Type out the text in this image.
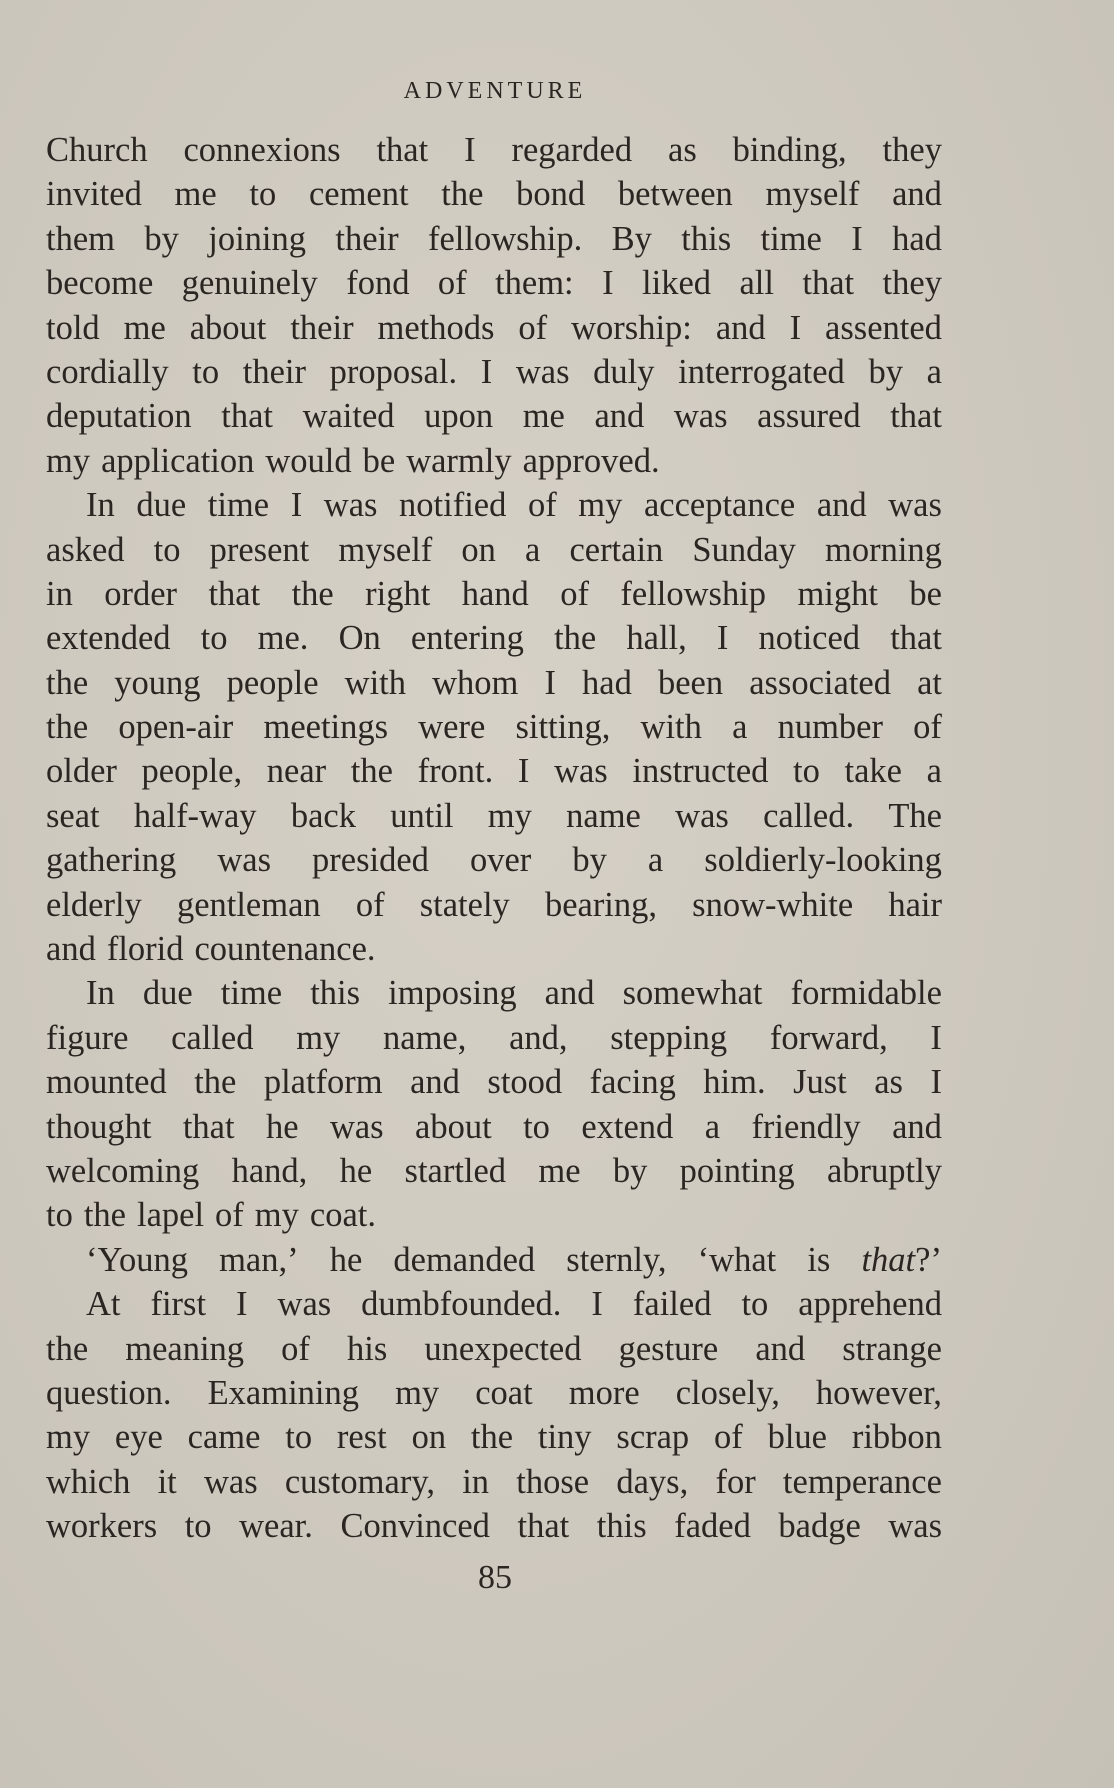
ADVENTURE
Church connexions that I regarded as binding, they
invited me to cement the bond between myself and
them by joining their fellowship. By this time I had
become genuinely fond of them: I liked all that they
told me about their methods of worship: and I assented
cordially to their proposal. I was duly interrogated by a
deputation that waited upon me and was assured that
my application would be warmly approved.
In due time I was notified of my acceptance and was
asked to present myself on a certain Sunday morning
in order that the right hand of fellowship might be
extended to me. On entering the hall, I noticed that
the young people with whom I had been associated at
the open-air meetings were sitting, with a number of
older people, near the front. I was instructed to take a
seat half-way back until my name was called. The
gathering was presided over by a soldierly-looking
elderly gentleman of stately bearing, snow-white hair
and florid countenance.
In due time this imposing and somewhat formidable
figure called my name, and, stepping forward, I
mounted the platform and stood facing him. Just as I
thought that he was about to extend a friendly and
welcoming hand, he startled me by pointing abruptly
to the lapel of my coat.
‘Young man,’ he demanded sternly, ‘what is that?’
At first I was dumbfounded. I failed to apprehend
the meaning of his unexpected gesture and strange
question. Examining my coat more closely, however,
my eye came to rest on the tiny scrap of blue ribbon
which it was customary, in those days, for temperance
workers to wear. Convinced that this faded badge was
85
